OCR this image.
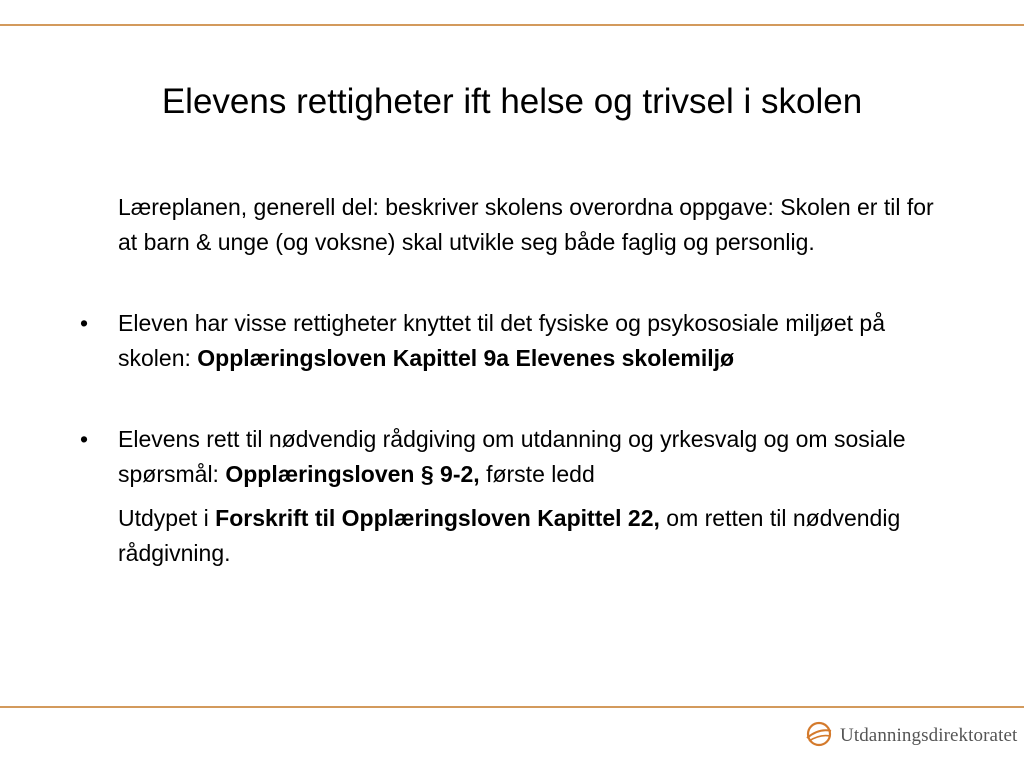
Elevens rettigheter ift helse og trivsel i skolen
Læreplanen, generell del: beskriver skolens overordna oppgave: Skolen er til for at barn & unge (og voksne) skal utvikle seg både faglig og personlig.
• Eleven har visse rettigheter knyttet til det fysiske og psykososiale miljøet på skolen: Opplæringsloven Kapittel 9a Elevenes skolemiljø
• Elevens rett til nødvendig rådgiving om utdanning og yrkesvalg og om sosiale spørsmål: Opplæringsloven § 9-2, første ledd
Utdypet i Forskrift til Opplæringsloven Kapittel 22, om retten til nødvendig rådgivning.
Utdanningsdirektoratet
